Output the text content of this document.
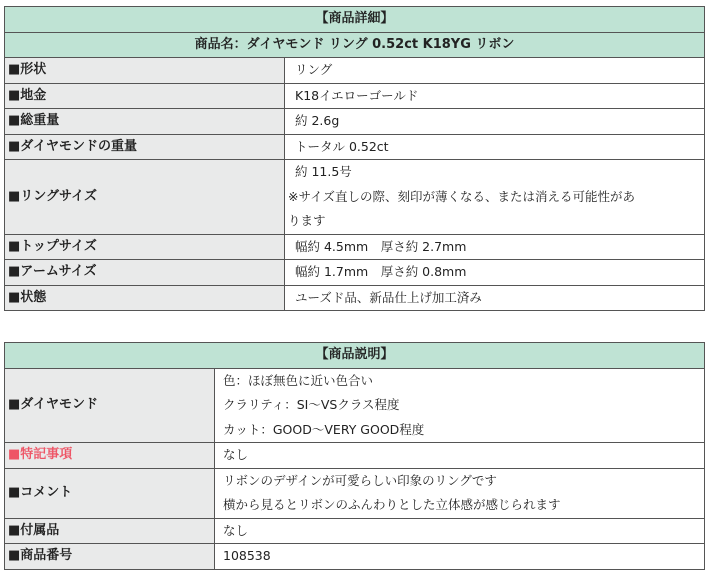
【商品詳細】	
商品名：ダイヤモンド リング 0.52ct K18YG リボン	
■形状	リング

■地金	K18イエローゴールド

■総重量	約 2.6g

■ダイヤモンドの重量	トータル 0.52ct

■リングサイズ	約 11.5号
※サイズ直しの際、刻印が薄くなる、または消える可能性があ
ります

■トップサイズ	幅約 4.5mm　厚さ約 2.7mm

■アームサイズ	幅約 1.7mm　厚さ約 0.8mm

■状態	ユーズド品、新品仕上げ加工済み
【商品説明】	
■ダイヤモンド	色：ほぼ無色に近い色合い
クラリティ：SI～VSクラス程度
カット：GOOD～VERY GOOD程度

■特記事項	なし

■コメント	リボンのデザインが可愛らしい印象のリングです
横から見るとリボンのふんわりとした立体感が感じられます

■付属品	なし

■商品番号	108538
